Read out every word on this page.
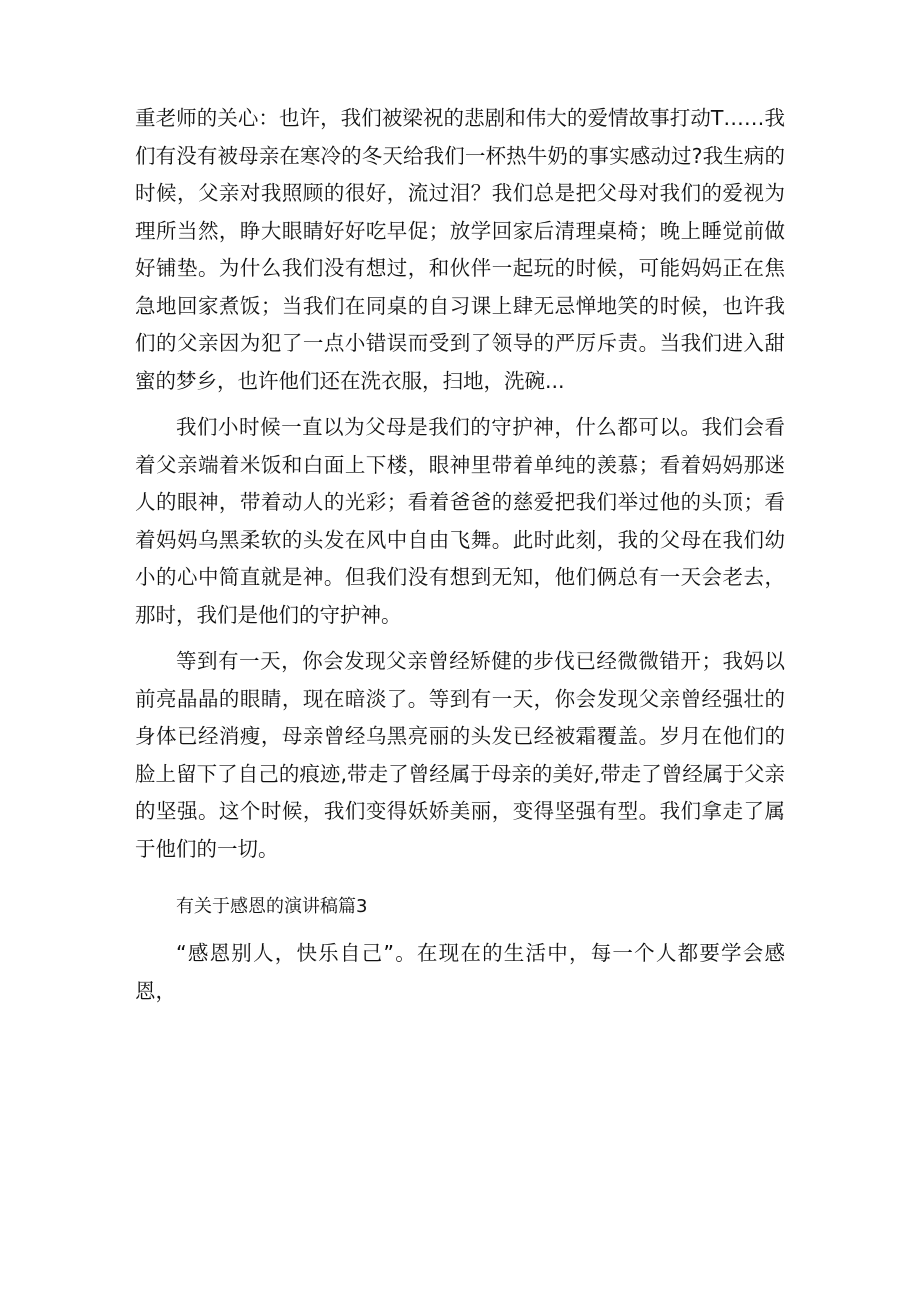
重老师的关心：也许，我们被梁祝的悲剧和伟大的爱情故事打动T……我们有没有被母亲在寒冷的冬天给我们一杯热牛奶的事实感动过?我生病的时候，父亲对我照顾的很好，流过泪？我们总是把父母对我们的爱视为理所当然，睁大眼睛好好吃早促；放学回家后清理桌椅；晚上睡觉前做好铺垫。为什么我们没有想过，和伙伴一起玩的时候，可能妈妈正在焦急地回家煮饭；当我们在同桌的自习课上肆无忌惮地笑的时候，也许我们的父亲因为犯了一点小错误而受到了领导的严厉斥责。当我们进入甜蜜的梦乡，也许他们还在洗衣服，扫地，洗碗...

我们小时候一直以为父母是我们的守护神，什么都可以。我们会看着父亲端着米饭和白面上下楼，眼神里带着单纯的羡慕；看着妈妈那迷人的眼神，带着动人的光彩；看着爸爸的慈爱把我们举过他的头顶；看着妈妈乌黑柔软的头发在风中自由飞舞。此时此刻，我的父母在我们幼小的心中简直就是神。但我们没有想到无知，他们俩总有一天会老去，那时，我们是他们的守护神。

等到有一天，你会发现父亲曾经矫健的步伐已经微微错开；我妈以前亮晶晶的眼睛，现在暗淡了。等到有一天，你会发现父亲曾经强壮的身体已经消瘦，母亲曾经乌黑亮丽的头发已经被霜覆盖。岁月在他们的脸上留下了自己的痕迹,带走了曾经属于母亲的美好,带走了曾经属于父亲的坚强。这个时候，我们变得妖娇美丽，变得坚强有型。我们拿走了属于他们的一切。

有关于感恩的演讲稿篇3

“感恩别人，快乐自己”。在现在的生活中，每一个人都要学会感恩，
